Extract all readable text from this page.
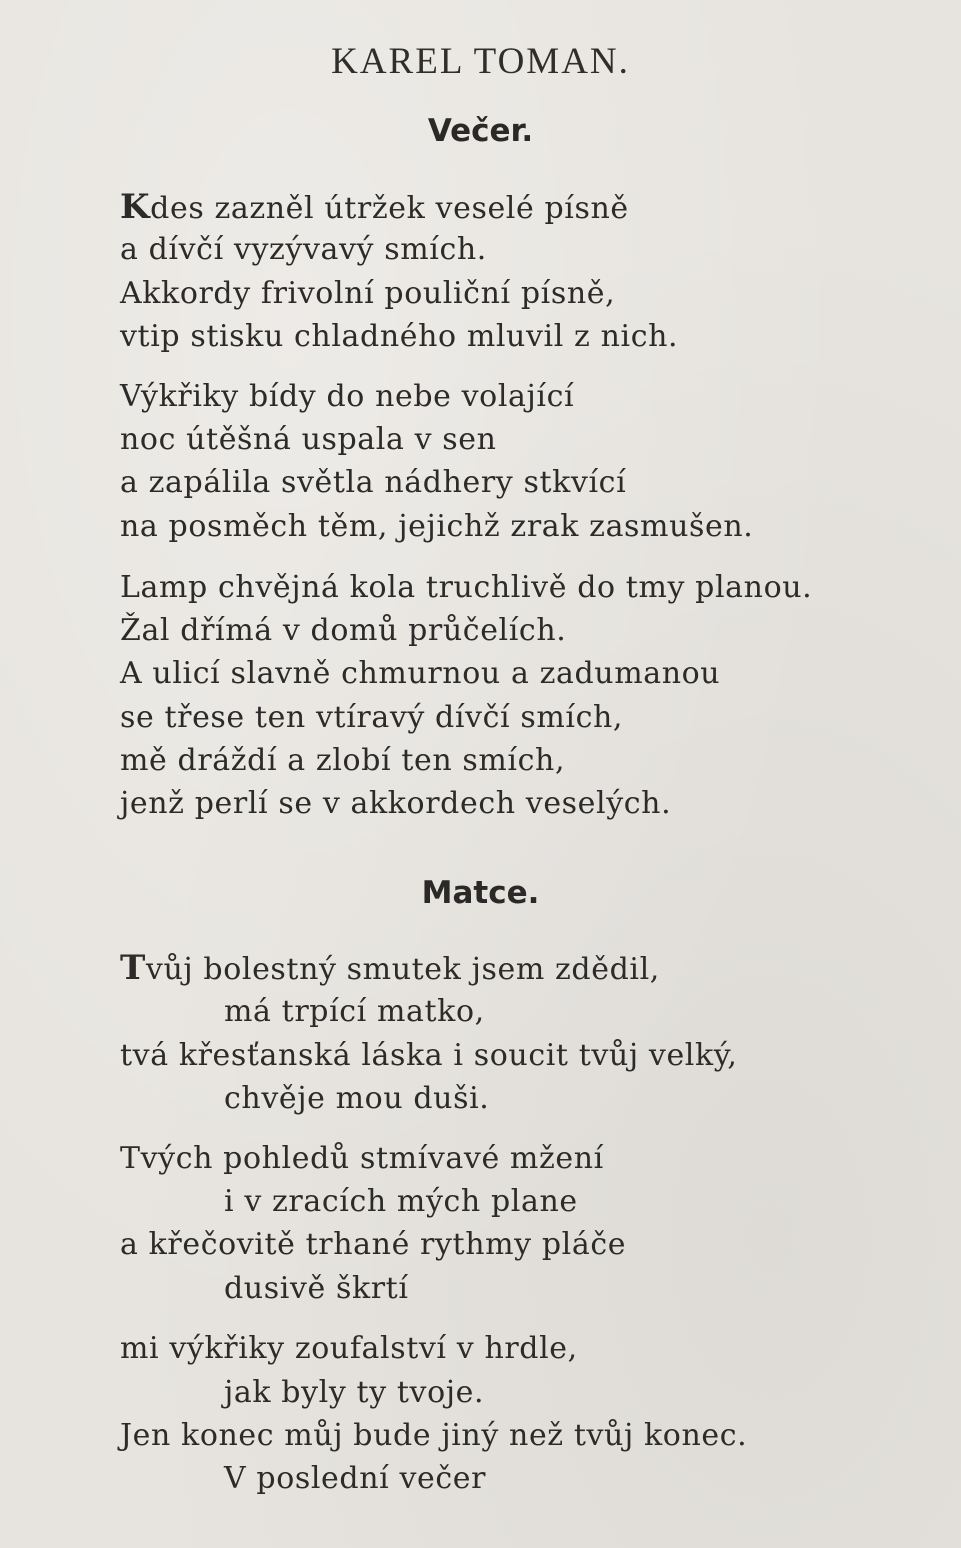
KAREL TOMAN.
Večer.
Kdes zazněl útržek veselé písně
a dívčí vyzývavý smích.
Akkordy frivolní pouliční písně,
vtip stisku chladného mluvil z nich.
Výkřiky bídy do nebe volající
noc útěšná uspala v sen
a zapálila světla nádhery stkvící
na posměch těm, jejichž zrak zasmušen.
Lamp chvějná kola truchlivě do tmy planou.
Žal dřímá v domů průčelích.
A ulicí slavně chmurnou a zadumanou
se třese ten vtíravý dívčí smích,
mě dráždí a zlobí ten smích,
jenž perlí se v akkordech veselých.
Matce.
Tvůj bolestný smutek jsem zdědil,
má trpící matko,
tvá křesťanská láska i soucit tvůj velký,
chvěje mou duši.
Tvých pohledů stmívavé mžení
i v zracích mých plane
a křečovitě trhané rythmy pláče
dusivě škrtí
mi výkřiky zoufalství v hrdle,
jak byly ty tvoje.
Jen konec můj bude jiný než tvůj konec.
V poslední večer
